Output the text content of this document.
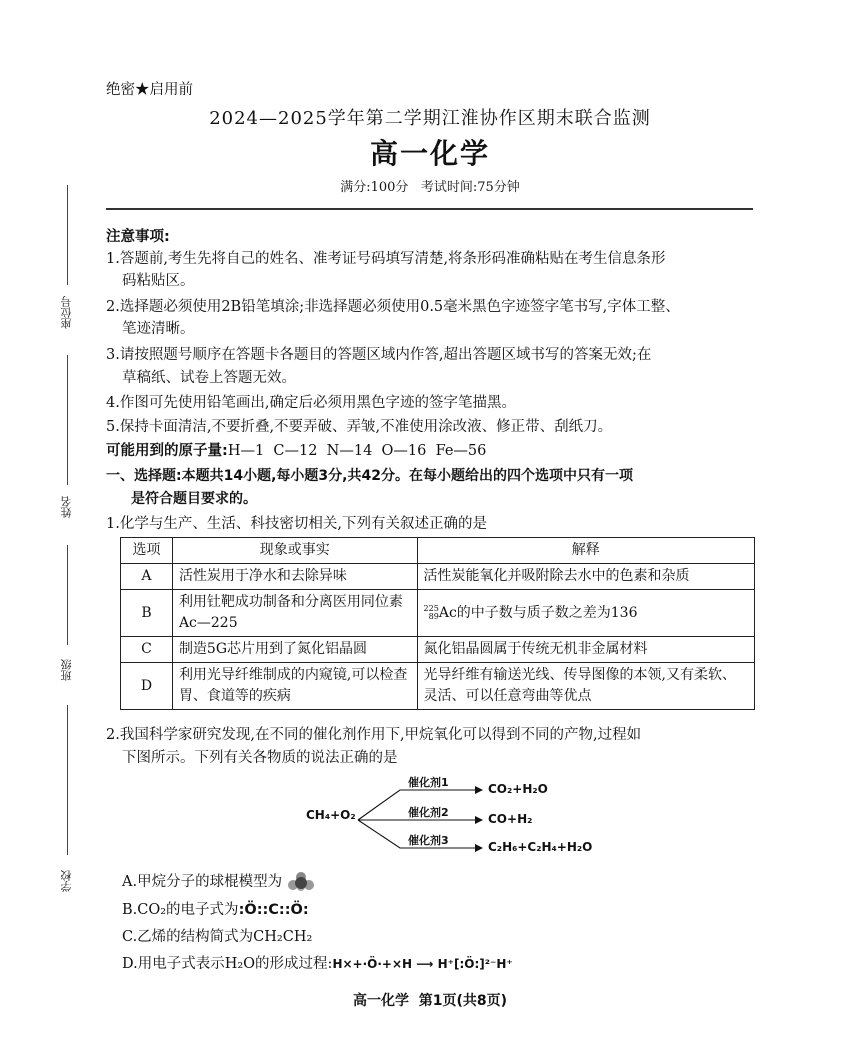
绝密★启用前
2024—2025学年第二学期江淮协作区期末联合监测
高一化学
满分:100分   考试时间:75分钟
座位号
姓名
班级
学校
注意事项:
1.答题前,考生先将自己的姓名、准考证号码填写清楚,将条形码准确粘贴在考生信息条形
码粘贴区。
2.选择题必须使用2B铅笔填涂;非选择题必须使用0.5毫米黑色字迹签字笔书写,字体工整、
笔迹清晰。
3.请按照题号顺序在答题卡各题目的答题区域内作答,超出答题区域书写的答案无效;在
草稿纸、试卷上答题无效。
4.作图可先使用铅笔画出,确定后必须用黑色字迹的签字笔描黑。
5.保持卡面清洁,不要折叠,不要弄破、弄皱,不准使用涂改液、修正带、刮纸刀。
可能用到的原子量:H—1  C—12  N—14  O—16  Fe—56
一、选择题:本题共14小题,每小题3分,共42分。在每小题给出的四个选项中只有一项
是符合题目要求的。
1.化学与生产、生活、科技密切相关,下列有关叙述正确的是
选项	现象或事实	解释
A	活性炭用于净水和去除异味	活性炭能氧化并吸附除去水中的色素和杂质
B	利用钍靶成功制备和分离医用同位素Ac—225	225
89 Ac的中子数与质子数之差为136
C	制造5G芯片用到了氮化铝晶圆	氮化铝晶圆属于传统无机非金属材料
D	利用光导纤维制成的内窥镜,可以检查胃、食道等的疾病	光导纤维有输送光线、传导图像的本领,又有柔软、灵活、可以任意弯曲等优点
2.我国科学家研究发现,在不同的催化剂作用下,甲烷氧化可以得到不同的产物,过程如
下图所示。下列有关各物质的说法正确的是
CH₄+O₂
催化剂1
催化剂2
催化剂3
CO₂+H₂O
CO+H₂
C₂H₆+C₂H₄+H₂O
A.甲烷分子的球棍模型为
B.CO₂的电子式为:Ö::C::Ö:
C.乙烯的结构简式为CH₂CH₂
D.用电子式表示H₂O的形成过程:H×+·Ö·+×H ⟶ H⁺[:Ö:]²⁻H⁺
高一化学  第1页(共8页)
